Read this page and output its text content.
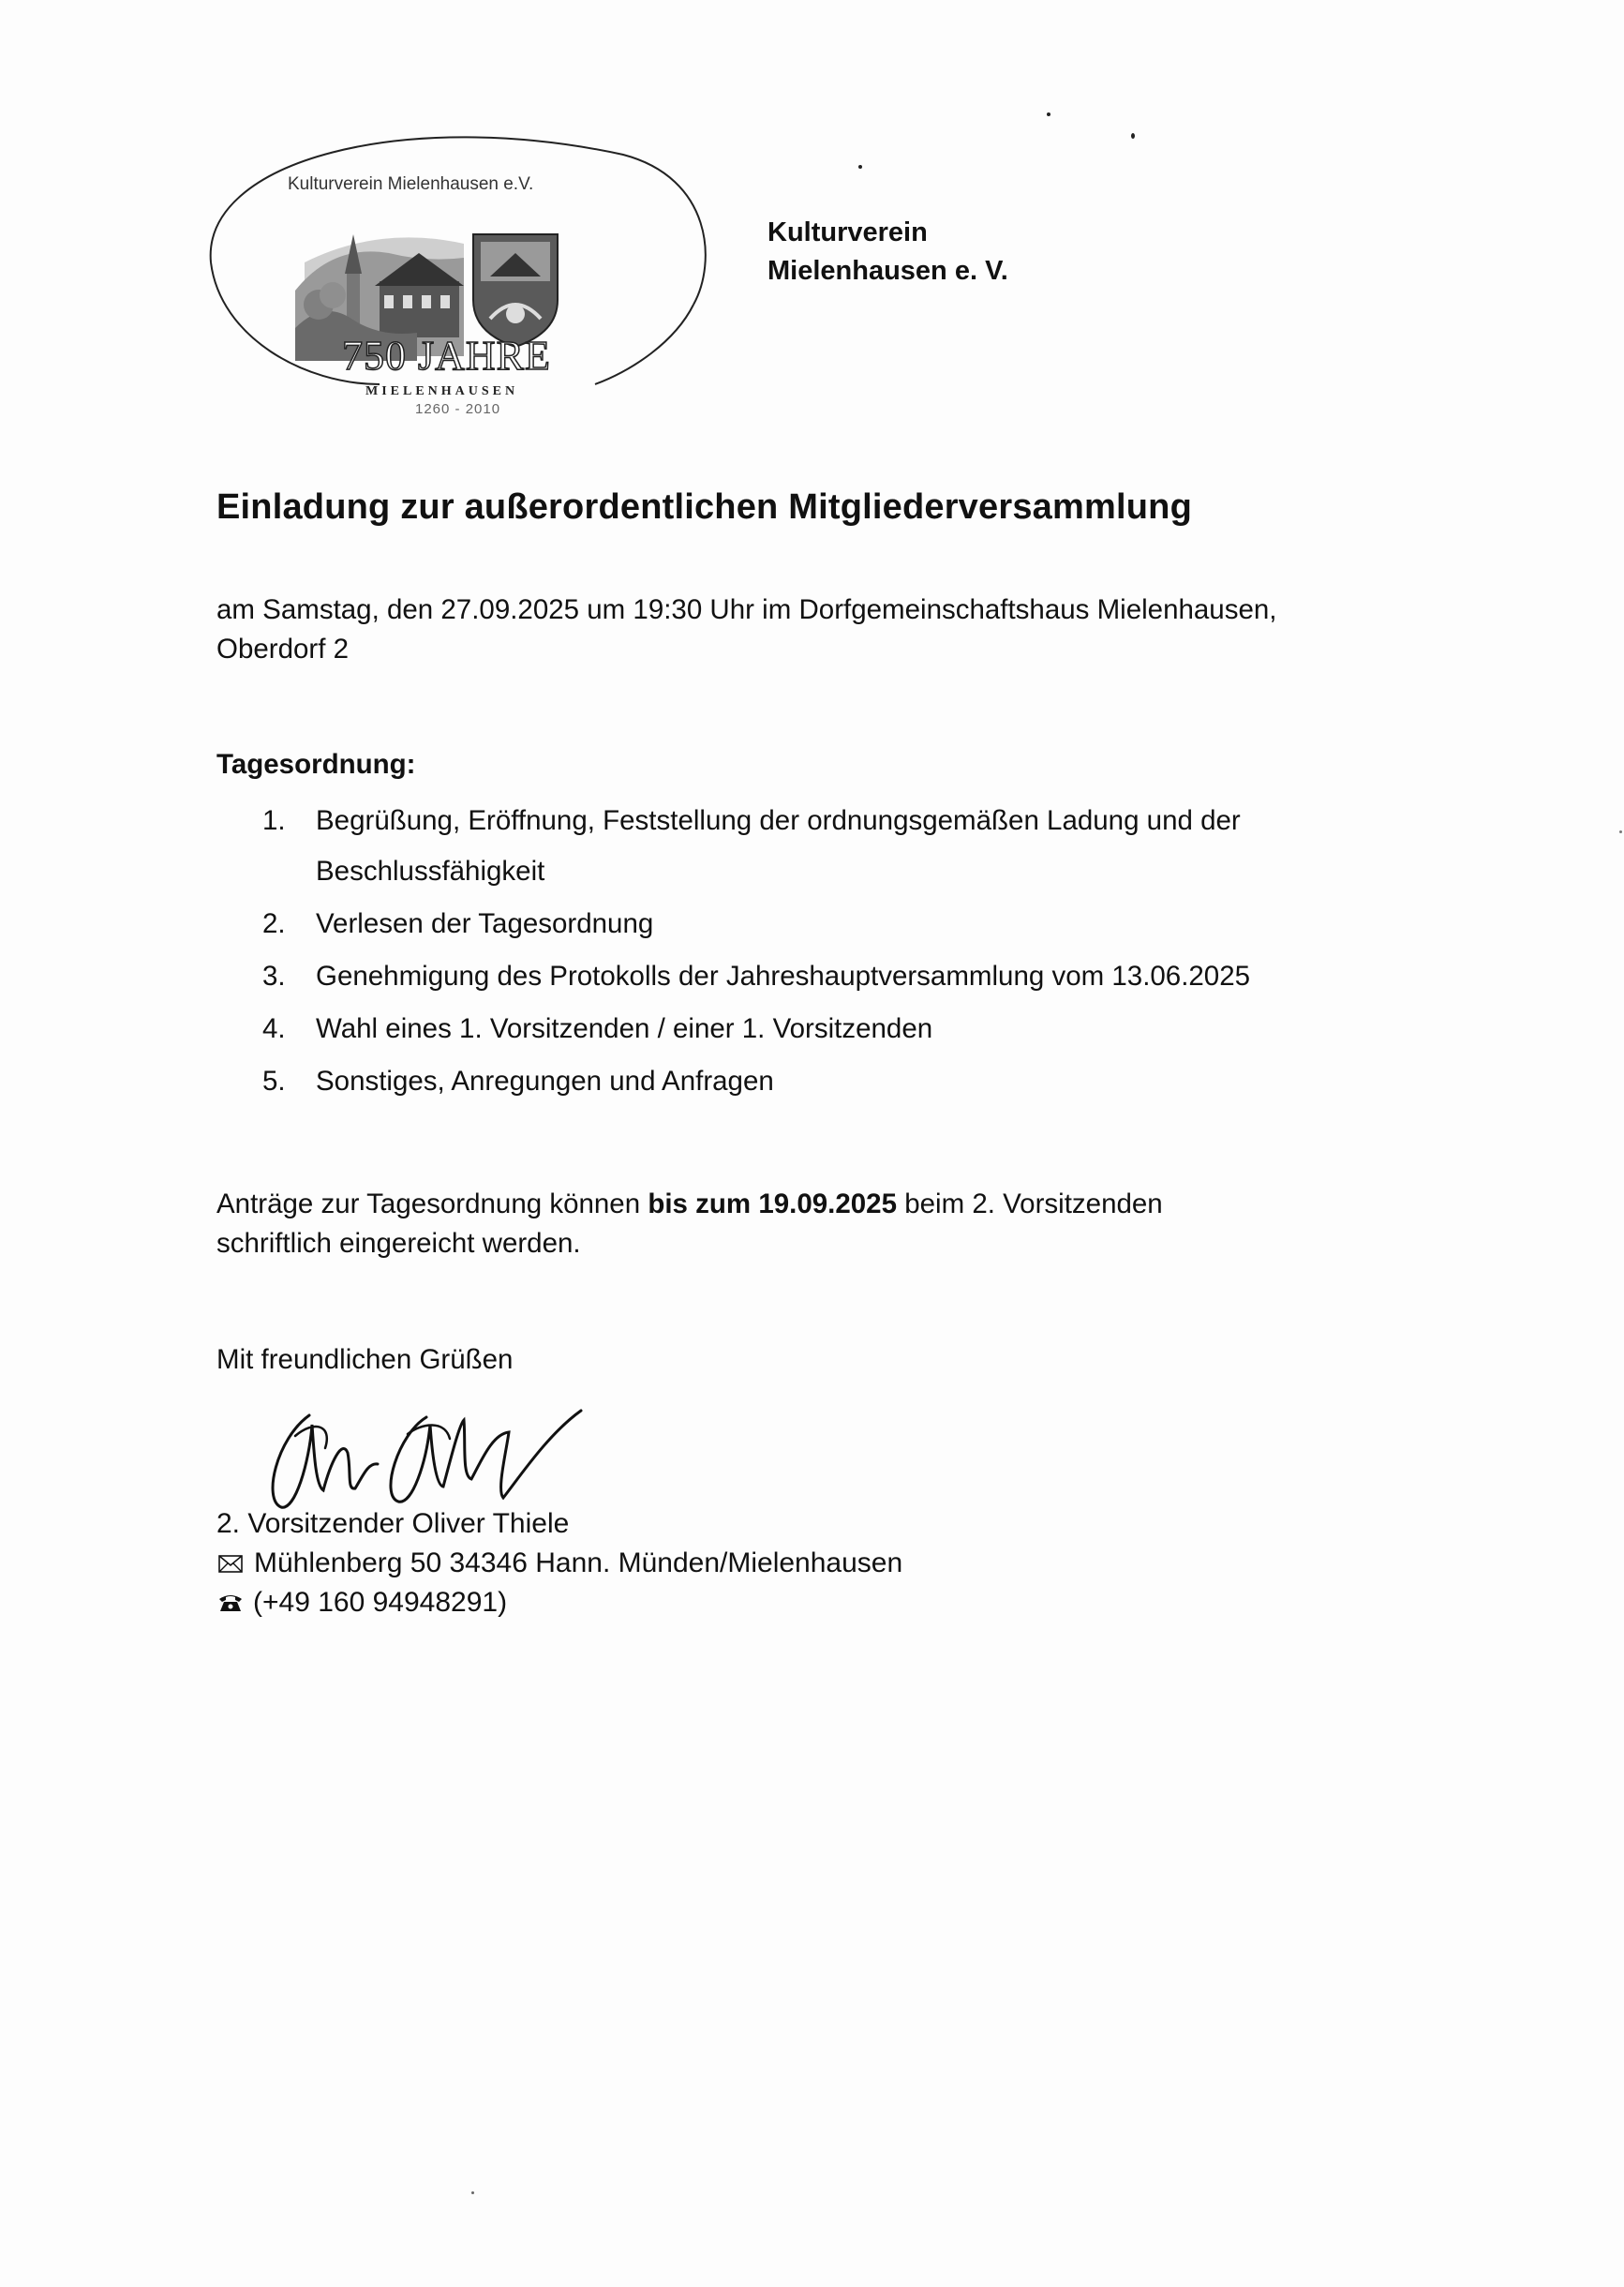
Kulturverein Mielenhausen e.V.
750 JAHRE
MIELENHAUSEN
1260 - 2010
Kulturverein
Mielenhausen e. V.
Einladung zur außerordentlichen Mitgliederversammlung
am Samstag, den 27.09.2025 um 19:30 Uhr im Dorfgemeinschaftshaus Mielenhausen,
Oberdorf 2
Tagesordnung:
1. Begrüßung, Eröffnung, Feststellung der ordnungsgemäßen Ladung und der
Beschlussfähigkeit
2. Verlesen der Tagesordnung
3. Genehmigung des Protokolls der Jahreshauptversammlung vom 13.06.2025
4. Wahl eines 1. Vorsitzenden / einer 1. Vorsitzenden
5. Sonstiges, Anregungen und Anfragen
Anträge zur Tagesordnung können bis zum 19.09.2025 beim 2. Vorsitzenden
schriftlich eingereicht werden.
Mit freundlichen Grüßen
2. Vorsitzender Oliver Thiele
Mühlenberg 50 34346 Hann. Münden/Mielenhausen
(+49 160 94948291)
